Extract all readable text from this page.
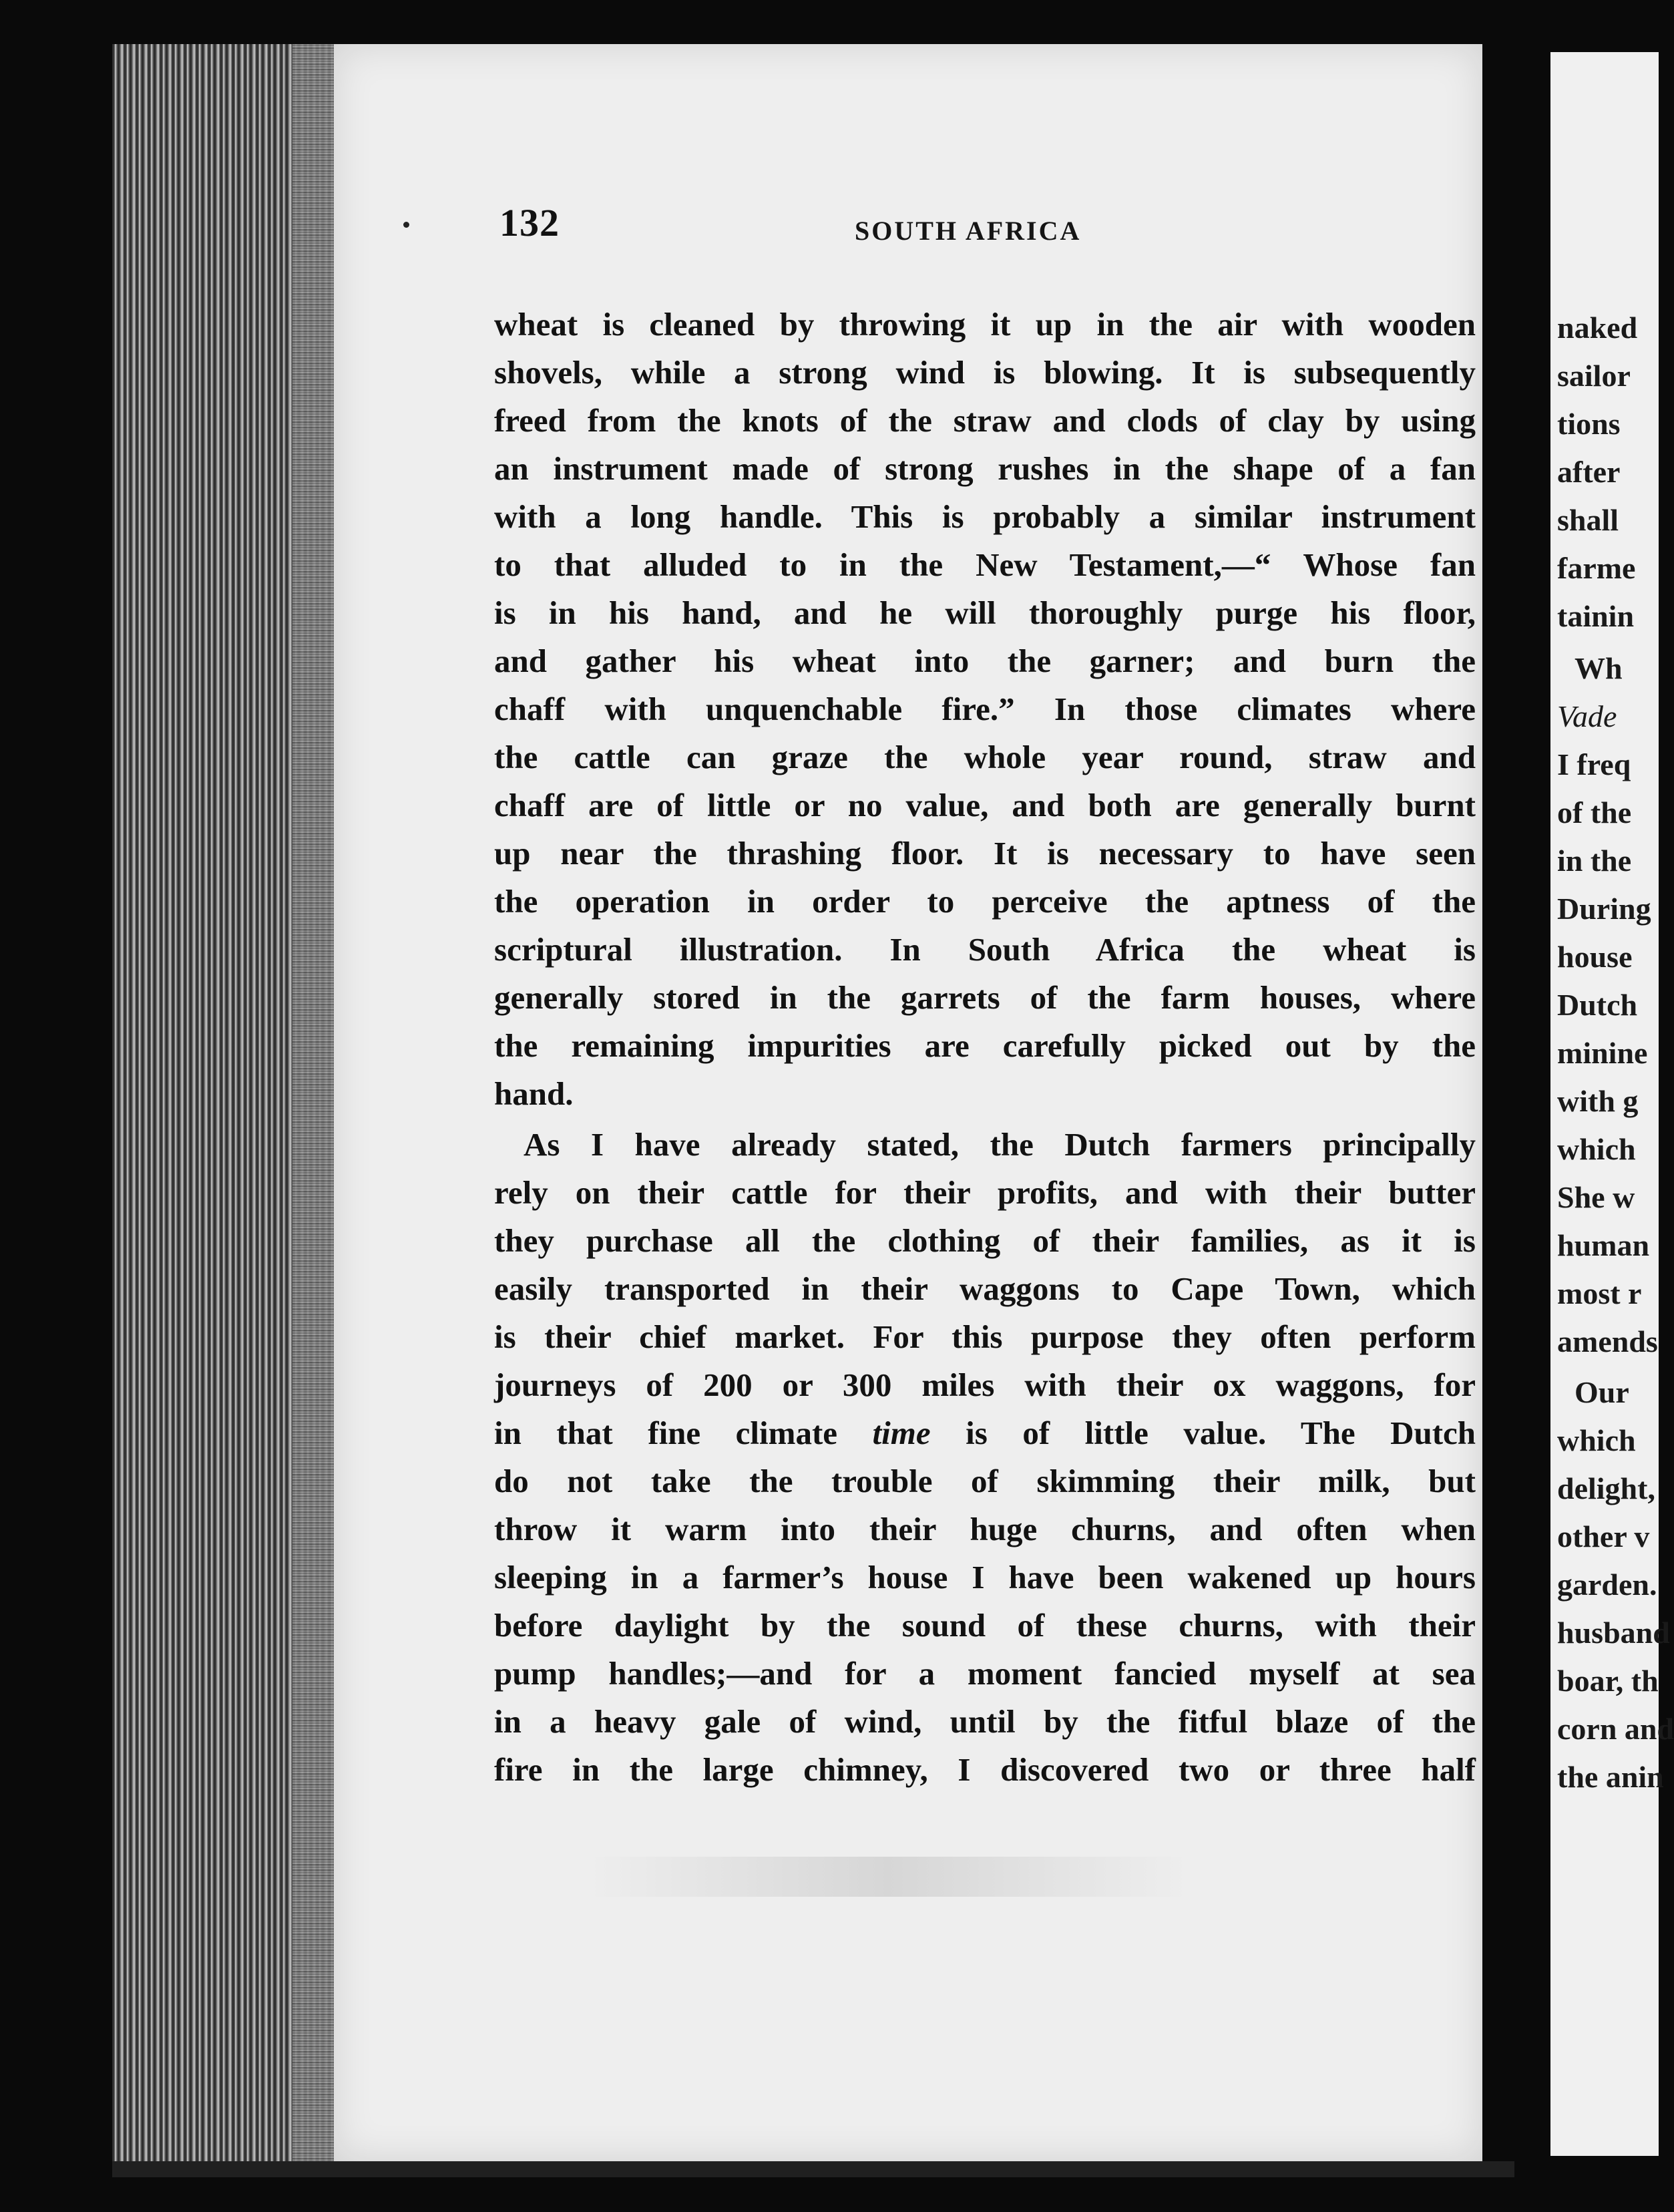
132	SOUTH AFRICA
wheat is cleaned by throwing it up in the air with wooden
shovels, while a strong wind is blowing. It is subsequently
freed from the knots of the straw and clods of clay by using
an instrument made of strong rushes in the shape of a fan
with a long handle. This is probably a similar instrument
to that alluded to in the New Testament,—“ Whose fan
is in his hand, and he will thoroughly purge his floor,
and gather his wheat into the garner; and burn the
chaff with unquenchable fire.” In those climates where
the cattle can graze the whole year round, straw and
chaff are of little or no value, and both are generally burnt
up near the thrashing floor. It is necessary to have seen
the operation in order to perceive the aptness of the
scriptural illustration. In South Africa the wheat is
generally stored in the garrets of the farm houses, where
the remaining impurities are carefully picked out by the
hand.
As I have already stated, the Dutch farmers principally
rely on their cattle for their profits, and with their butter
they purchase all the clothing of their families, as it is
easily transported in their waggons to Cape Town, which
is their chief market. For this purpose they often perform
journeys of 200 or 300 miles with their ox waggons, for
in that fine climate time is of little value. The Dutch
do not take the trouble of skimming their milk, but
throw it warm into their huge churns, and often when
sleeping in a farmer’s house I have been wakened up hours
before daylight by the sound of these churns, with their
pump handles;—and for a moment fancied myself at sea
in a heavy gale of wind, until by the fitful blaze of the
fire in the large chimney, I discovered two or three half
naked
sailor
tions
after
shall
farme
tainin
Wh
Vade
I freq
of the
in the
During
house
Dutch
minine
with g
which
She w
human
most r
amends
Our
which
delight,
other v
garden.
husband
boar, th
corn and
the anin
